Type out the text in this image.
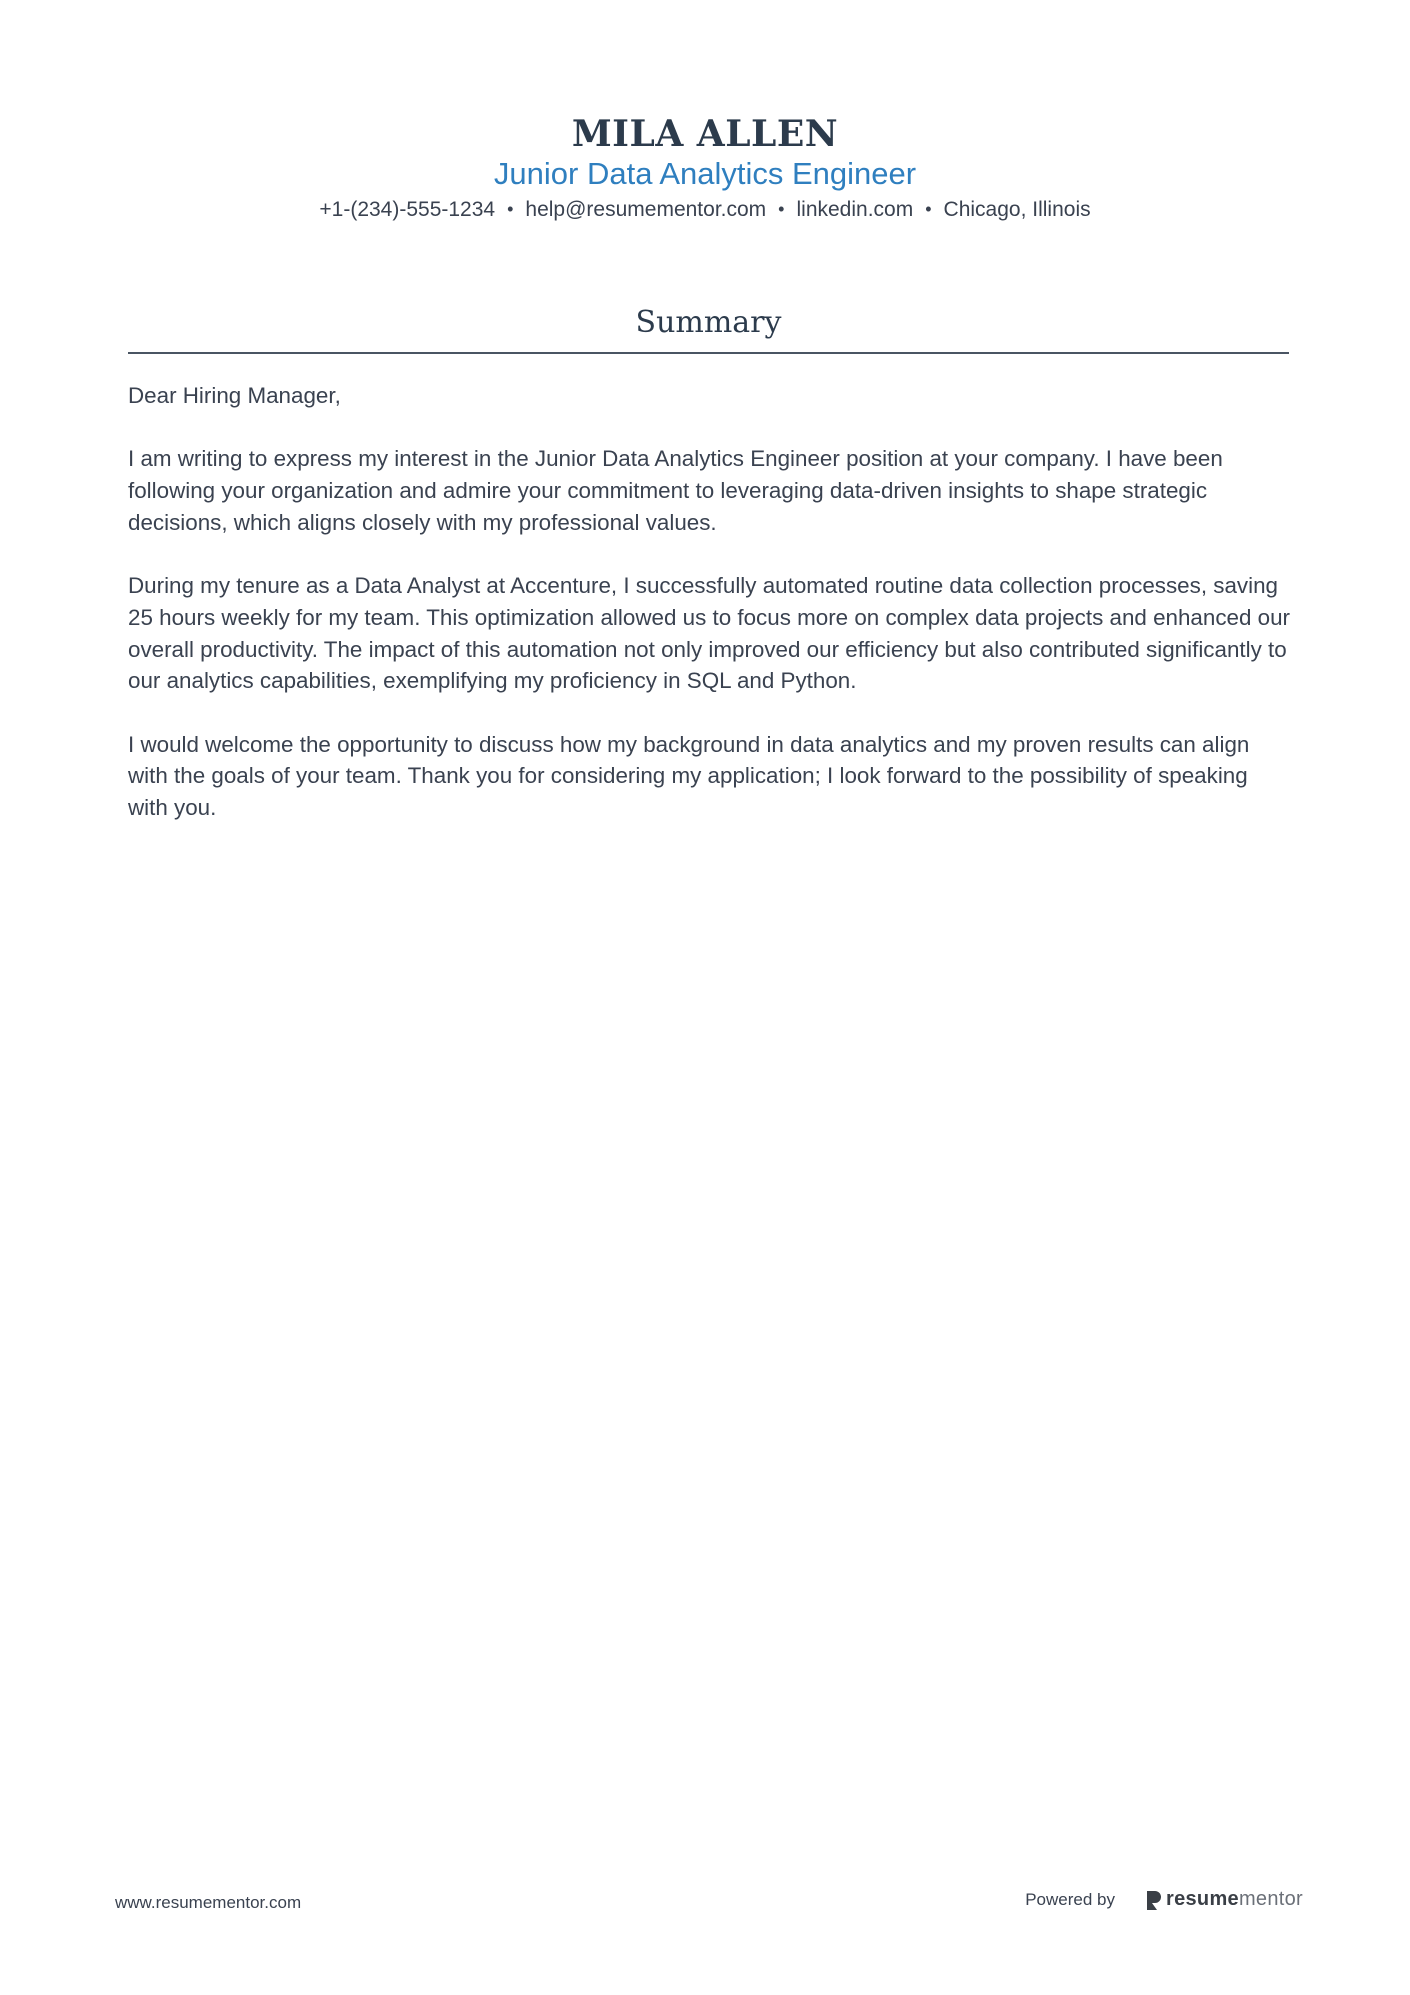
MILA ALLEN
Junior Data Analytics Engineer
+1-(234)-555-1234 • help@resumementor.com • linkedin.com • Chicago, Illinois
Summary

Dear Hiring Manager,

I am writing to express my interest in the Junior Data Analytics Engineer position at your company. I have been following your organization and admire your commitment to leveraging data-driven insights to shape strategic decisions, which aligns closely with my professional values.

During my tenure as a Data Analyst at Accenture, I successfully automated routine data collection processes, saving 25 hours weekly for my team. This optimization allowed us to focus more on complex data projects and enhanced our overall productivity. The impact of this automation not only improved our efficiency but also contributed significantly to our analytics capabilities, exemplifying my proficiency in SQL and Python.

I would welcome the opportunity to discuss how my background in data analytics and my proven results can align with the goals of your team. Thank you for considering my application; I look forward to the possibility of speaking with you.

www.resumementor.com	Powered by	resume mentor
